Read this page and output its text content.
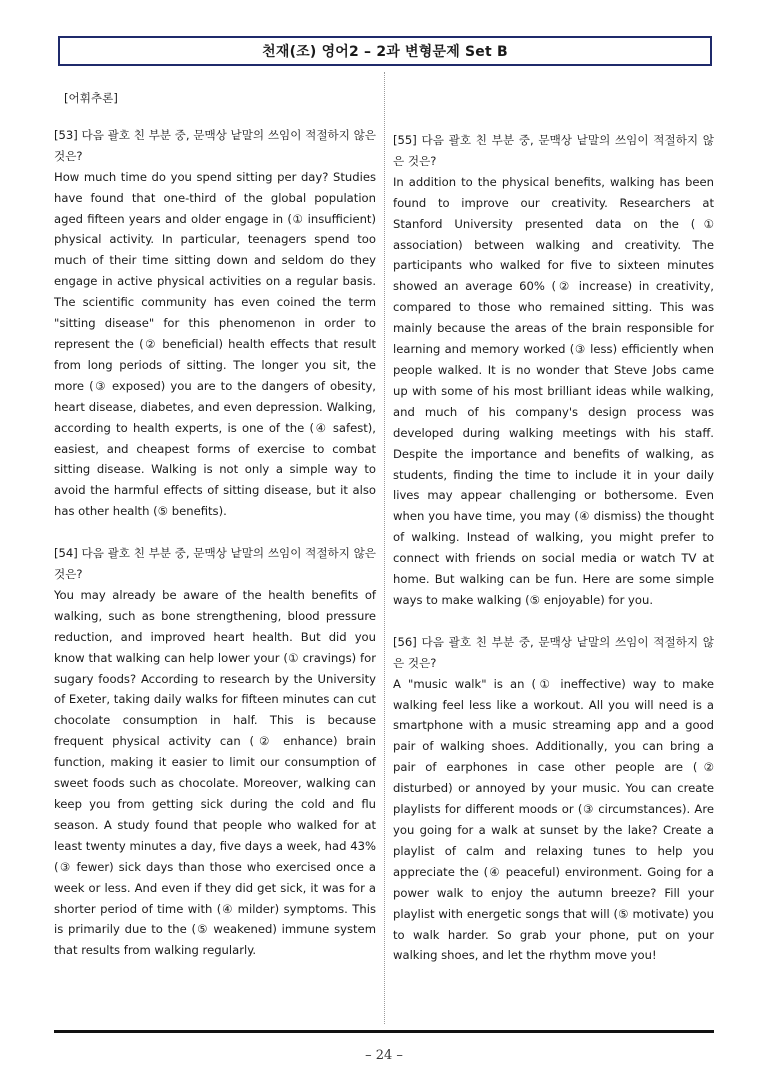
천재(조) 영어2 – 2과 변형문제 Set B

[어휘추론]

[53] 다음 괄호 친 부분 중, 문맥상 낱말의 쓰임이 적절하지 않은 것은?

How much time do you spend sitting per day? Studies have found that one-third of the global population aged fifteen years and older engage in (① insufficient) physical activity. In particular, teenagers spend too much of their time sitting down and seldom do they engage in active physical activities on a regular basis. The scientific community has even coined the term "sitting disease" for this phenomenon in order to represent the (② beneficial) health effects that result from long periods of sitting. The longer you sit, the more (③ exposed) you are to the dangers of obesity, heart disease, diabetes, and even depression. Walking, according to health experts, is one of the (④ safest), easiest, and cheapest forms of exercise to combat sitting disease. Walking is not only a simple way to avoid the harmful effects of sitting disease, but it also has other health (⑤ benefits).

[54] 다음 괄호 친 부분 중, 문맥상 낱말의 쓰임이 적절하지 않은 것은?

You may already be aware of the health benefits of walking, such as bone strengthening, blood pressure reduction, and improved heart health. But did you know that walking can help lower your (① cravings) for sugary foods? According to research by the University of Exeter, taking daily walks for fifteen minutes can cut chocolate consumption in half. This is because frequent physical activity can (② enhance) brain function, making it easier to limit our consumption of sweet foods such as chocolate. Moreover, walking can keep you from getting sick during the cold and flu season. A study found that people who walked for at least twenty minutes a day, five days a week, had 43% (③ fewer) sick days than those who exercised once a week or less. And even if they did get sick, it was for a shorter period of time with (④ milder) symptoms. This is primarily due to the (⑤ weakened) immune system that results from walking regularly.

[55] 다음 괄호 친 부분 중, 문맥상 낱말의 쓰임이 적절하지 않은 것은?

In addition to the physical benefits, walking has been found to improve our creativity. Researchers at Stanford University presented data on the (① association) between walking and creativity. The participants who walked for five to sixteen minutes showed an average 60% (② increase) in creativity, compared to those who remained sitting. This was mainly because the areas of the brain responsible for learning and memory worked (③ less) efficiently when people walked. It is no wonder that Steve Jobs came up with some of his most brilliant ideas while walking, and much of his company's design process was developed during walking meetings with his staff. Despite the importance and benefits of walking, as students, finding the time to include it in your daily lives may appear challenging or bothersome. Even when you have time, you may (④ dismiss) the thought of walking. Instead of walking, you might prefer to connect with friends on social media or watch TV at home. But walking can be fun. Here are some simple ways to make walking (⑤ enjoyable) for you.

[56] 다음 괄호 친 부분 중, 문맥상 낱말의 쓰임이 적절하지 않은 것은?

A "music walk" is an (① ineffective) way to make walking feel less like a workout. All you will need is a smartphone with a music streaming app and a good pair of walking shoes. Additionally, you can bring a pair of earphones in case other people are (② disturbed) or annoyed by your music. You can create playlists for different moods or (③ circumstances). Are you going for a walk at sunset by the lake? Create a playlist of calm and relaxing tunes to help you appreciate the (④ peaceful) environment. Going for a power walk to enjoy the autumn breeze? Fill your playlist with energetic songs that will (⑤ motivate) you to walk harder. So grab your phone, put on your walking shoes, and let the rhythm move you!

– 24 –
